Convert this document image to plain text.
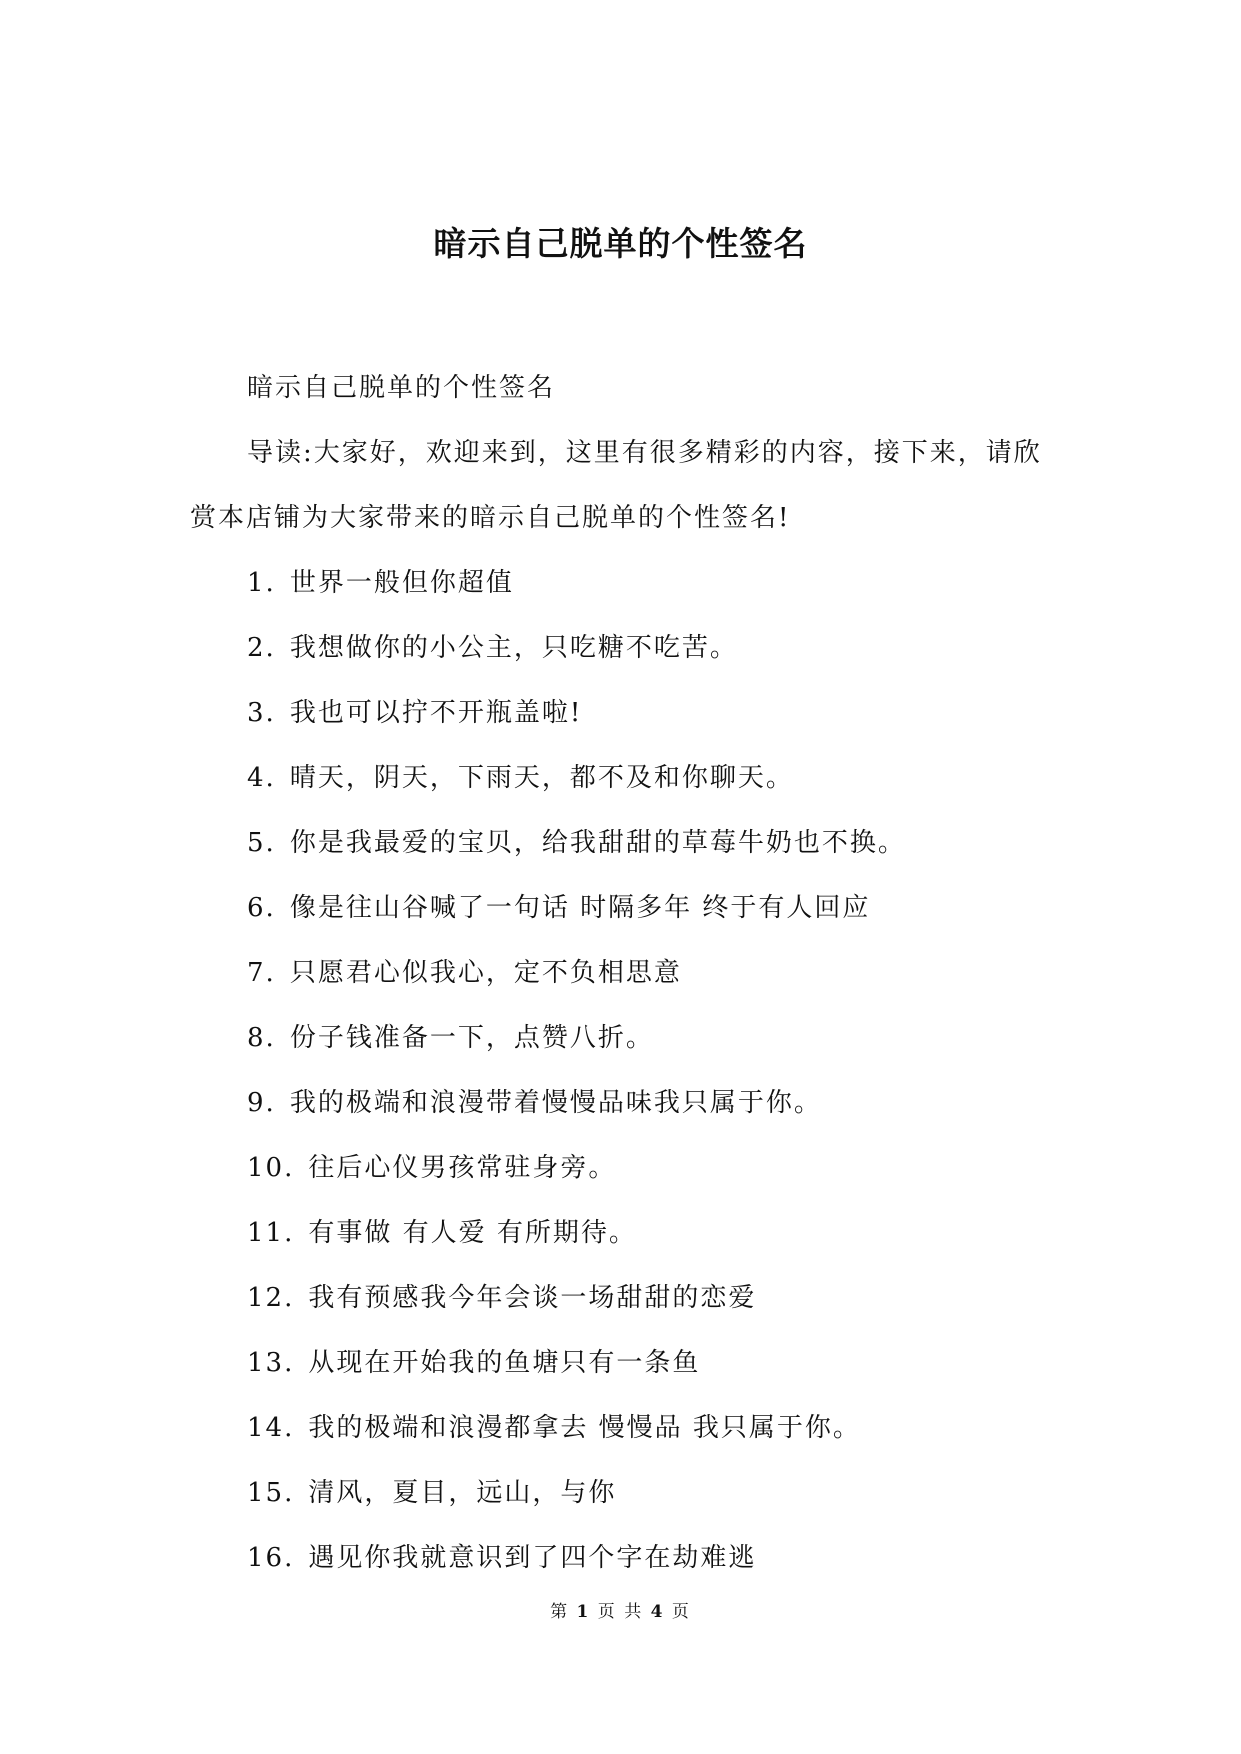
暗示自己脱单的个性签名

暗示自己脱单的个性签名

导读:大家好，欢迎来到，这里有很多精彩的内容，接下来，请欣赏本店铺为大家带来的暗示自己脱单的个性签名!

1. 世界一般但你超值
2. 我想做你的小公主，只吃糖不吃苦。
3. 我也可以拧不开瓶盖啦!
4. 晴天，阴天，下雨天，都不及和你聊天。
5. 你是我最爱的宝贝，给我甜甜的草莓牛奶也不换。
6. 像是往山谷喊了一句话 时隔多年 终于有人回应
7. 只愿君心似我心，定不负相思意
8. 份子钱准备一下，点赞八折。
9. 我的极端和浪漫带着慢慢品味我只属于你。
10. 往后心仪男孩常驻身旁。
11. 有事做 有人爱 有所期待。
12. 我有预感我今年会谈一场甜甜的恋爱
13. 从现在开始我的鱼塘只有一条鱼
14. 我的极端和浪漫都拿去 慢慢品 我只属于你。
15. 清风，夏目，远山，与你
16. 遇见你我就意识到了四个字在劫难逃
第 1 页 共 4 页
